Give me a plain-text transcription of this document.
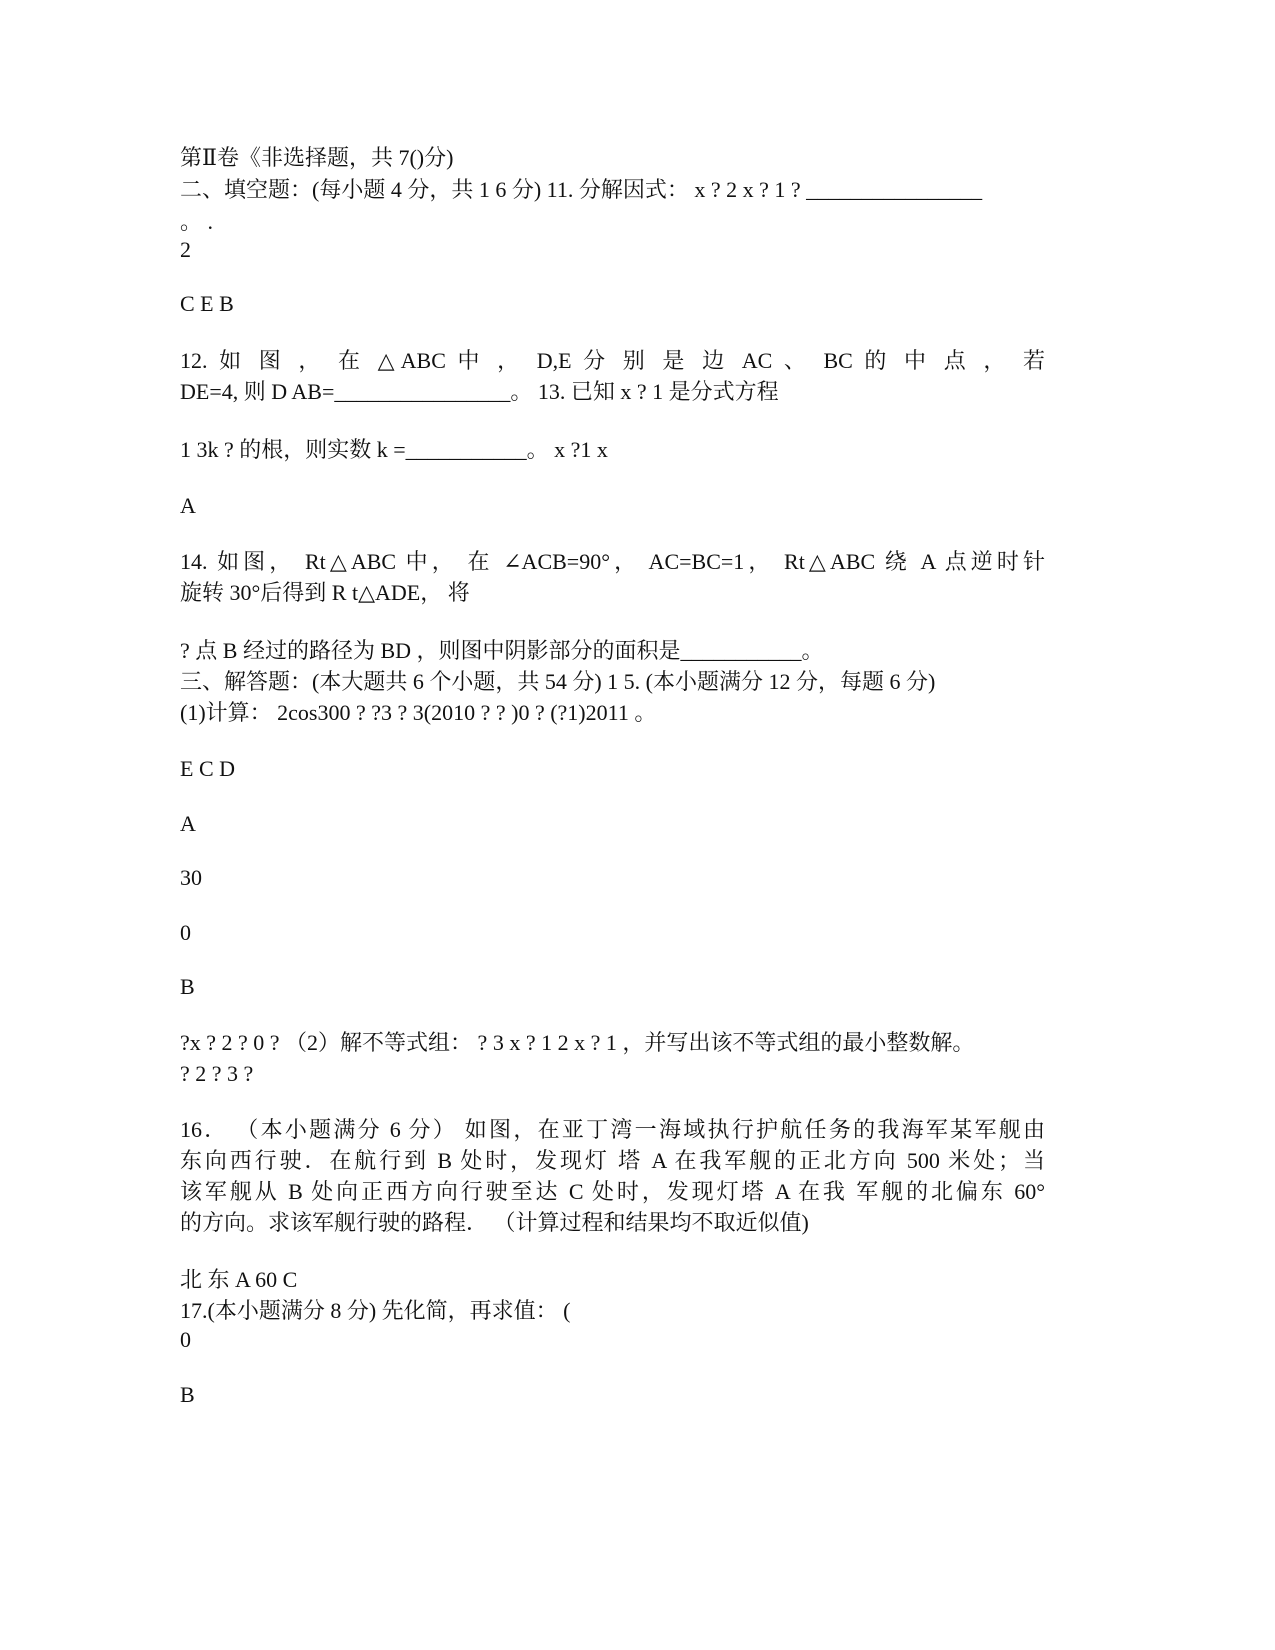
第Ⅱ卷《非选择题，共 7()分)

二、填空题：(每小题 4 分，共 1 6 分) 11. 分解因式： x ? 2 x ? 1 ? ________________

。 .

2

C E B

12. 如 图 ， 在 △ABC 中 ， D,E 分 别 是 边 AC 、 BC 的 中 点 ， 若

DE=4, 则 D AB=________________。 13. 已知 x ? 1 是分式方程

1 3k ? 的根，则实数 k =___________。 x ?1 x

A

14. 如图， Rt△ABC 中， 在 ∠ACB=90°， AC=BC=1， Rt△ABC 绕 A 点逆时针

旋转 30°后得到 R t△ADE， 将

? 点 B 经过的路径为 BD ，则图中阴影部分的面积是___________。

三、解答题：(本大题共 6 个小题，共 54 分) 1 5. (本小题满分 12 分，每题 6 分)

(1)计算： 2cos300 ? ?3 ? 3(2010 ? ? )0 ? (?1)2011 。

E C D

A

30

0

B

?x ? 2 ? 0 ? （2）解不等式组： ? 3 x ? 1 2 x ? 1 ，并写出该不等式组的最小整数解。

? 2 ? 3 ?

16． （本小题满分 6 分） 如图，在亚丁湾一海域执行护航任务的我海军某军舰由

东向西行驶．在航行到 B 处时，发现灯 塔 A 在我军舰的正北方向 500 米处；当

该军舰从 B 处向正西方向行驶至达 C 处时，发现灯塔 A 在我 军舰的北偏东 60°

的方向。求该军舰行驶的路程． （计算过程和结果均不取近似值)

北 东 A 60 C

17.(本小题满分 8 分) 先化简，再求值： (

0

B
